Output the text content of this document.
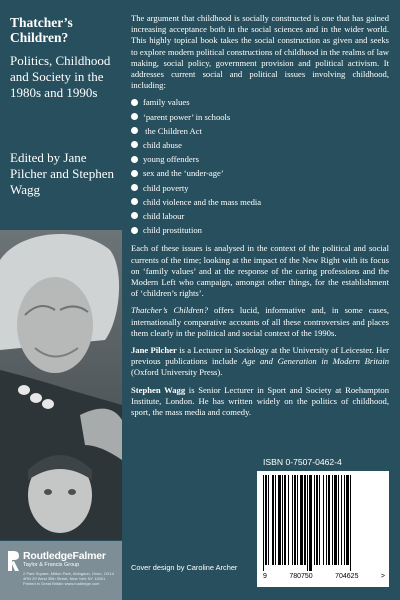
Thatcher’s Children?
Politics, Childhood and Society in the 1980s and 1990s
Edited by Jane Pilcher and Stephen Wagg
RoutledgeFalmer
Taylor & Francis Group
2 Park Square, Milton Park, Abingdon, Oxon, OX14 4RN 29 West 35th Street, New York NY 10001 Printed in Great Britain www.routledge.com

The argument that childhood is socially constructed is one that has gained increasing acceptance both in the social sciences and in the wider world. This highly topical book takes the social construction as given and seeks to explore modern political constructions of childhood in the realms of law making, social policy, government provision and political activism. It addresses current social and political issues involving childhood, including:

family values
‘parent power’ in schools
the Children Act
child abuse
young offenders
sex and the ‘under-age’
child poverty
child violence and the mass media
child labour
child prostitution

Each of these issues is analysed in the context of the political and social currents of the time; looking at the impact of the New Right with its focus on ‘family values’ and at the response of the caring professions and the Modern Left who campaign, amongst other things, for the establishment of ‘children’s rights’.

Thatcher’s Children? offers lucid, informative and, in some cases, internationally comparative accounts of all these controversies and places them clearly in the political and social context of the 1990s.

Jane Pilcher is a Lecturer in Sociology at the University of Leicester. Her previous publications include Age and Generation in Modern Britain (Oxford University Press).

Stephen Wagg is Senior Lecturer in Sport and Society at Roehampton Institute, London. He has written widely on the politics of childhood, sport, the mass media and comedy.

ISBN 0-7507-0462-4
9	780750	704625	>
Cover design by Caroline Archer
